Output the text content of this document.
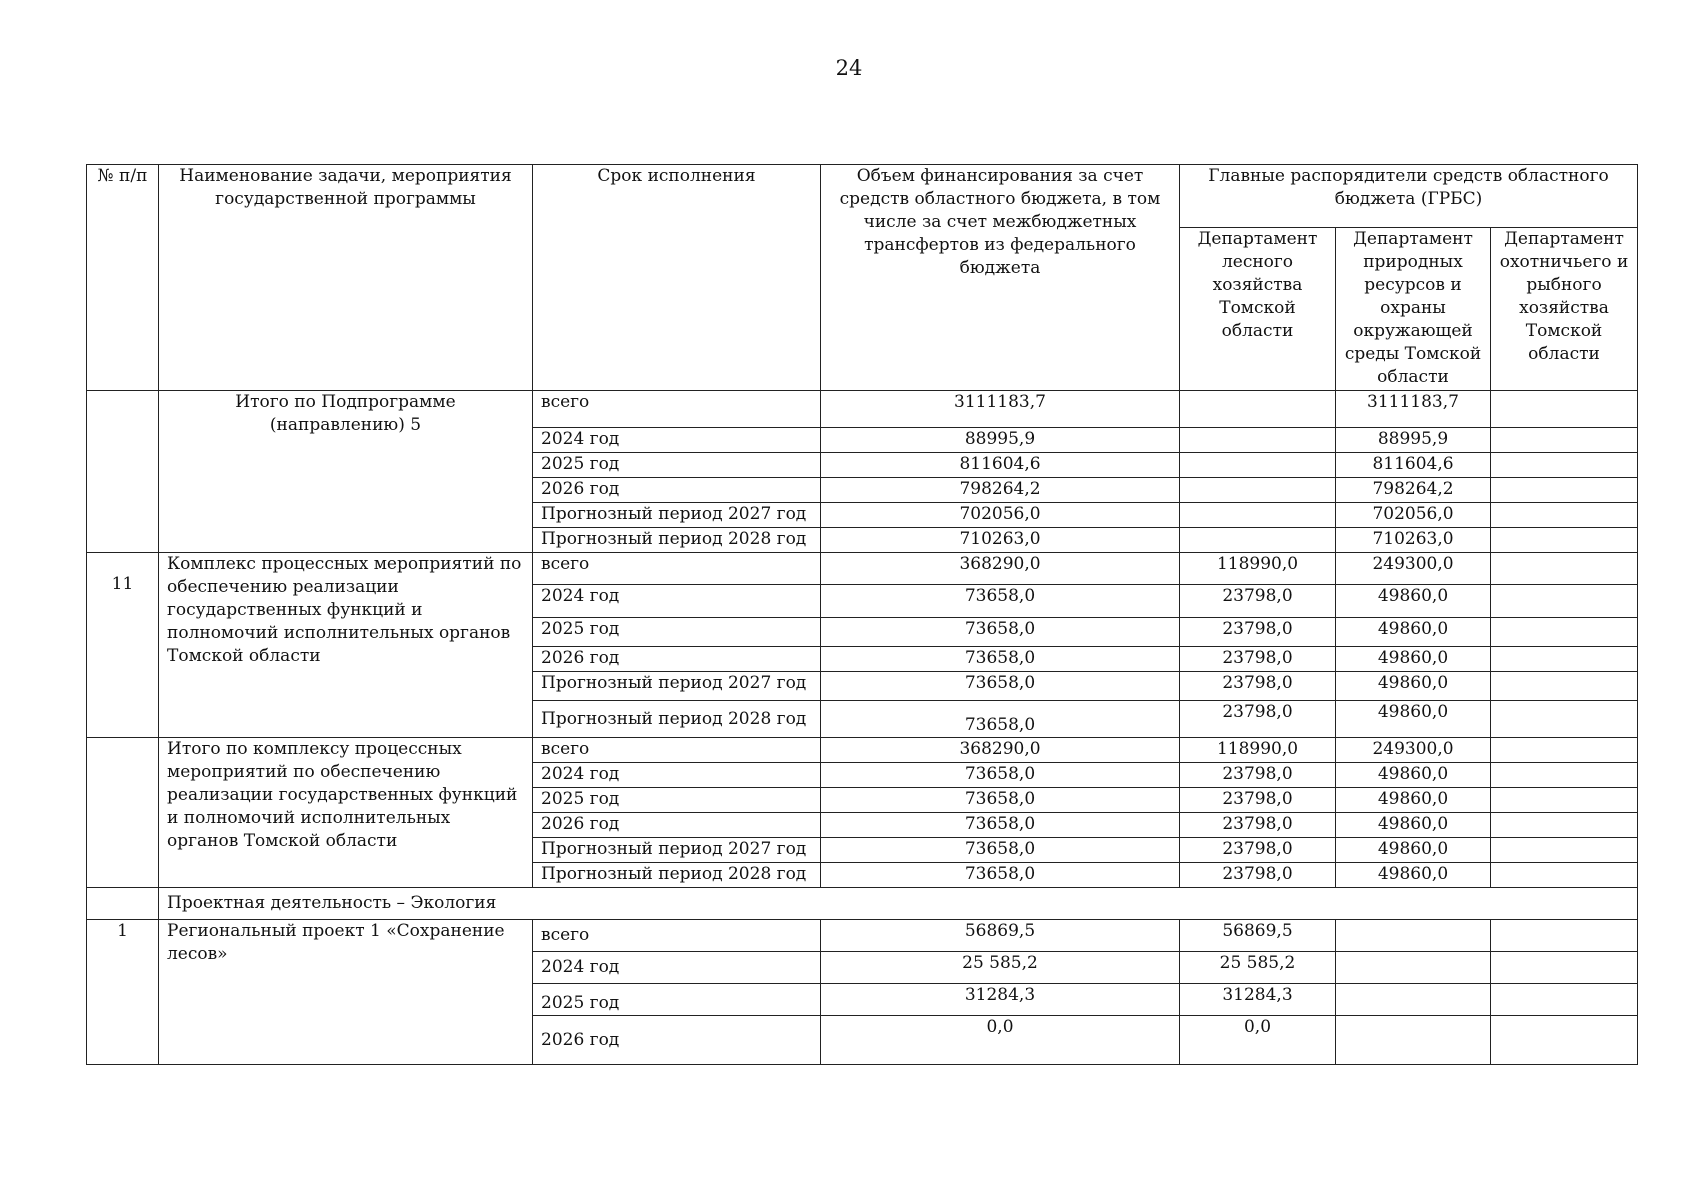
24
№ п/п	Наименование задачи, мероприятия государственной программы	Срок исполнения	Объем финансирования за счет средств областного бюджета, в том числе за счет межбюджетных трансфертов из федерального бюджета	Главные распорядители средств областного бюджета (ГРБС)		
				Департамент лесного хозяйства Томской области	Департамент природных ресурсов и охраны окружающей среды Томской области	Департамент охотничьего и рыбного хозяйства Томской области
	Итого по Подпрограмме (направлению) 5	всего	3111183,7		3111183,7	
		2024 год	88995,9		88995,9	
		2025 год	811604,6		811604,6	
		2026 год	798264,2		798264,2	
		Прогнозный период 2027 год	702056,0		702056,0	
		Прогнозный период 2028 год	710263,0		710263,0	
11	Комплекс процессных мероприятий по обеспечению реализации государственных функций и полномочий исполнительных органов Томской области	всего	368290,0	118990,0	249300,0	
		2024 год	73658,0	23798,0	49860,0	
		2025 год	73658,0	23798,0	49860,0	
		2026 год	73658,0	23798,0	49860,0	
		Прогнозный период 2027 год	73658,0	23798,0	49860,0	
		Прогнозный период 2028 год	73658,0	23798,0	49860,0	
	Итого по комплексу процессных мероприятий по обеспечению реализации государственных функций и полномочий исполнительных органов Томской области	всего	368290,0	118990,0	249300,0	
		2024 год	73658,0	23798,0	49860,0	
		2025 год	73658,0	23798,0	49860,0	
		2026 год	73658,0	23798,0	49860,0	
		Прогнозный период 2027 год	73658,0	23798,0	49860,0	
		Прогнозный период 2028 год	73658,0	23798,0	49860,0	
	Проектная деятельность – Экология					
1	Региональный проект 1 «Сохранение лесов»	всего	56869,5	56869,5		
		2024 год	25 585,2	25 585,2		
		2025 год	31284,3	31284,3		
		2026 год	0,0	0,0		
